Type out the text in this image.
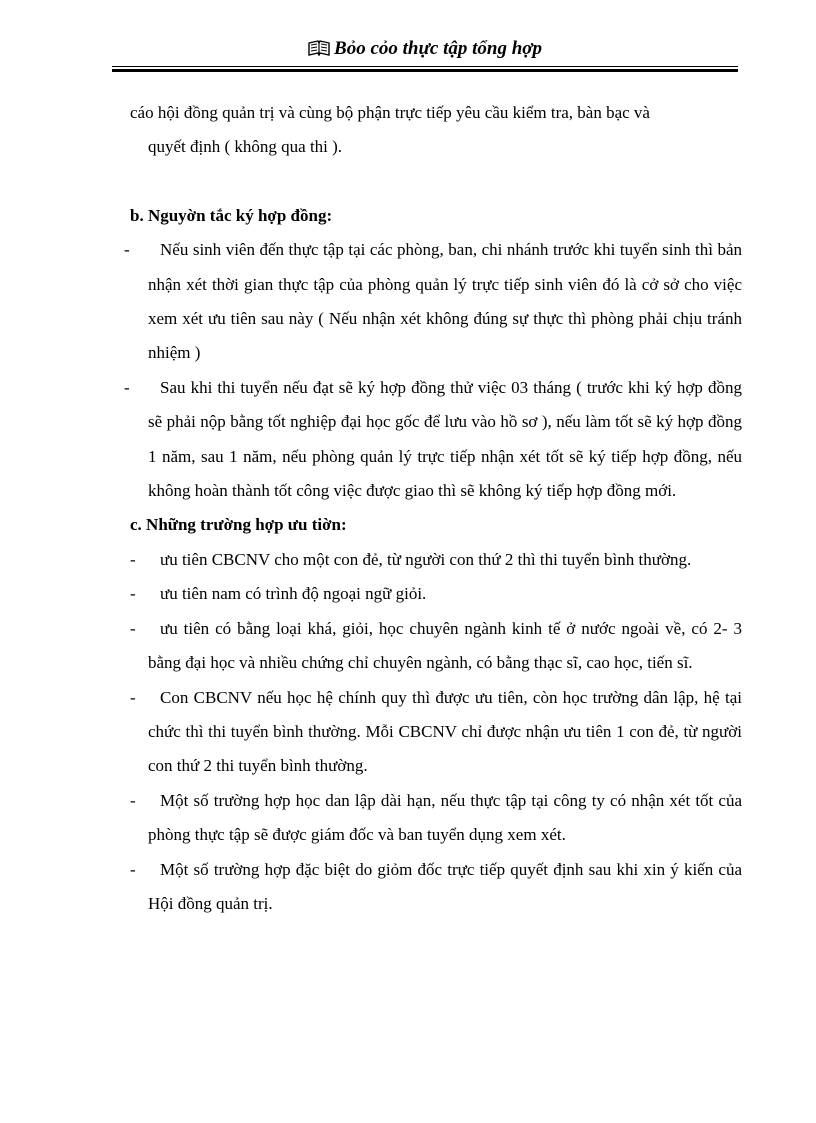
Bỏo cỏo thực tập tổng hợp

cáo hội đồng quản trị và cùng bộ phận trực tiếp yêu cầu kiểm tra, bàn bạc và
quyết định ( không qua thi ).

b. Nguyờn tắc ký hợp đồng:

-	Nếu sinh viên đến thực tập tại các phòng, ban, chi nhánh trước khi tuyển sinh thì bản nhận xét thời gian thực tập của phòng quản lý trực tiếp sinh viên đó là cở sở cho việc xem xét ưu tiên sau này ( Nếu nhận xét không đúng sự thực thì phòng phải chịu tránh nhiệm )

-	Sau khi thi tuyển nếu đạt sẽ ký hợp đồng thử việc 03 tháng ( trước khi ký hợp đồng sẽ phải nộp bằng tốt nghiệp đại học gốc để lưu vào hồ sơ ), nếu làm tốt sẽ ký hợp đồng 1 năm, sau 1 năm, nếu phòng quản lý trực tiếp nhận xét tốt sẽ ký tiếp hợp đồng, nếu không hoàn thành tốt công việc được giao thì sẽ không ký tiếp hợp đồng mới.

c. Những trường hợp ưu tiờn:

-	ưu tiên CBCNV cho một con đẻ, từ người con thứ 2 thì thi tuyển bình thường.

-	ưu tiên nam có trình độ ngoại ngữ giỏi.

-	ưu tiên có bằng loại khá, giỏi, học chuyên ngành kinh tế ở nước ngoài về, có 2- 3 bằng đại học và nhiều chứng chỉ chuyên ngành, có bằng thạc sĩ, cao học, tiến sĩ.

-	Con CBCNV nếu học hệ chính quy thì được ưu tiên, còn học trường dân lập, hệ tại chức thì thi tuyển bình thường. Mỗi CBCNV chỉ được nhận ưu tiên 1 con đẻ, từ người con thứ 2 thi tuyển bình thường.

-	Một số trường hợp học dan lập dài hạn, nếu thực tập tại công ty có nhận xét tốt của phòng thực tập sẽ được giám đốc và ban tuyển dụng xem xét.

-	Một số trường hợp đặc biệt do giỏm đốc trực tiếp quyết định sau khi xin ý kiến của Hội đồng quản trị.
